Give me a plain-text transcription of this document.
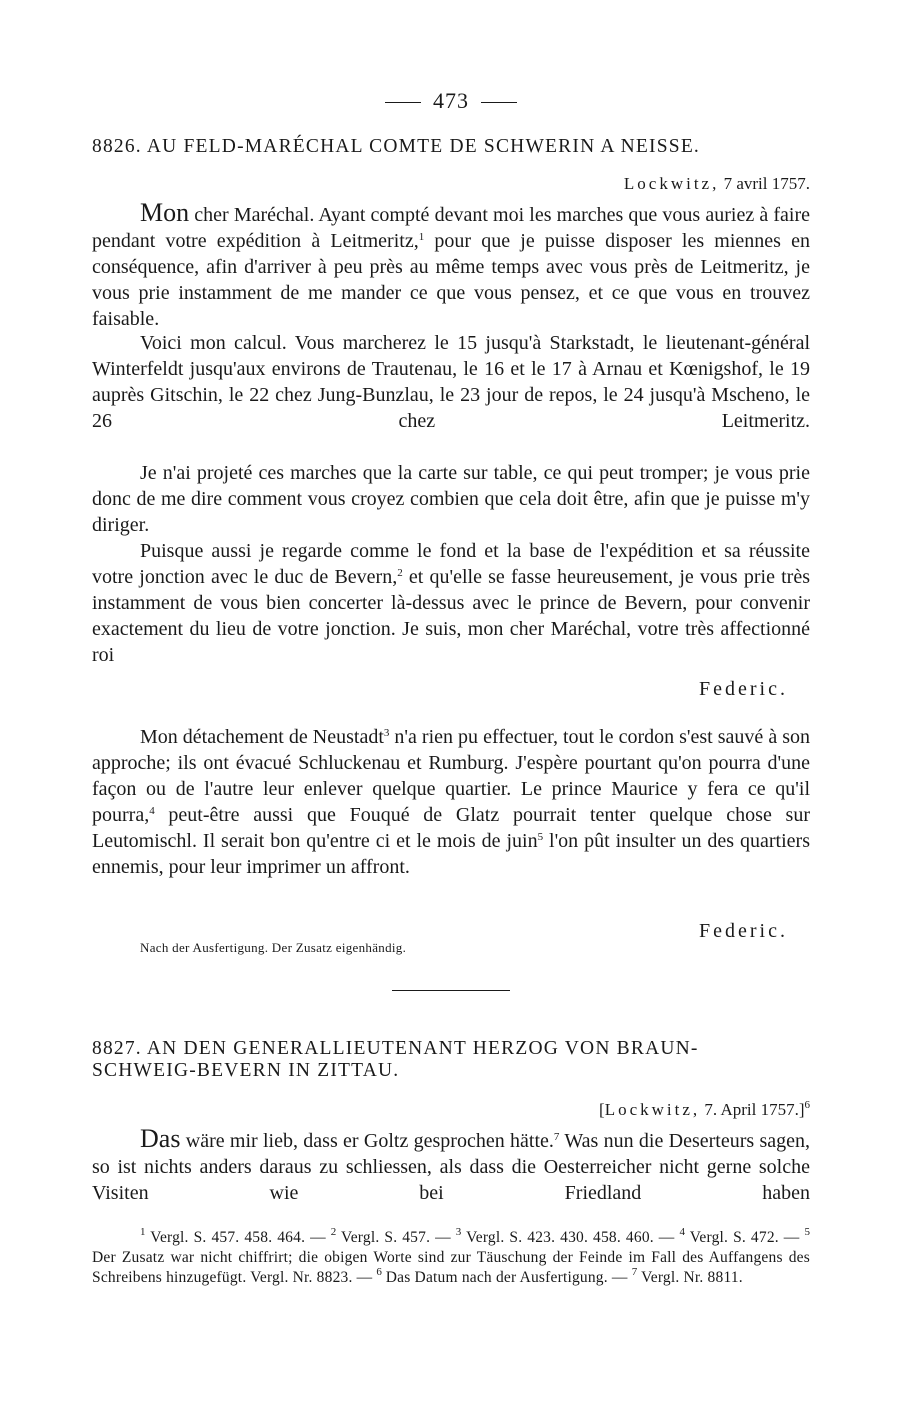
473
8826. AU FELD-MARÉCHAL COMTE DE SCHWERIN A NEISSE.
Lockwitz, 7 avril 1757.
Mon cher Maréchal. Ayant compté devant moi les marches que vous auriez à faire pendant votre expédition à Leitmeritz,$^1$ pour que je puisse disposer les miennes en conséquence, afin d'arriver à peu près au même temps avec vous près de Leitmeritz, je vous prie instamment de me mander ce que vous pensez, et ce que vous en trouvez faisable.
Voici mon calcul. Vous marcherez le 15 jusqu'à Starkstadt, le lieutenant-général Winterfeldt jusqu'aux environs de Trautenau, le 16 et le 17 à Arnau et Kœnigshof, le 19 auprès Gitschin, le 22 chez Jung-Bunzlau, le 23 jour de repos, le 24 jusqu'à Mscheno, le 26 chez Leitmeritz.
Je n'ai projeté ces marches que la carte sur table, ce qui peut tromper; je vous prie donc de me dire comment vous croyez combien que cela doit être, afin que je puisse m'y diriger.
Puisque aussi je regarde comme le fond et la base de l'expédition et sa réussite votre jonction avec le duc de Bevern,$^2$ et qu'elle se fasse heureusement, je vous prie très instamment de vous bien concerter là-dessus avec le prince de Bevern, pour convenir exactement du lieu de votre jonction. Je suis, mon cher Maréchal, votre très affectionné roi
Federic.
Mon détachement de Neustadt$^3$ n'a rien pu effectuer, tout le cordon s'est sauvé à son approche; ils ont évacué Schluckenau et Rumburg. J'espère pourtant qu'on pourra d'une façon ou de l'autre leur enlever quelque quartier. Le prince Maurice y fera ce qu'il pourra,$^4$ peut-être aussi que Fouqué de Glatz pourrait tenter quelque chose sur Leutomischl. Il serait bon qu'entre ci et le mois de juin$^5$ l'on pût insulter un des quartiers ennemis, pour leur imprimer un affront.
Federic.
Nach der Ausfertigung. Der Zusatz eigenhändig.
8827. AN DEN GENERALLIEUTENANT HERZOG VON BRAUN-
SCHWEIG-BEVERN IN ZITTAU.
[Lockwitz, 7. April 1757.]$^6$
Das wäre mir lieb, dass er Goltz gesprochen hätte.$^7$ Was nun die Deserteurs sagen, so ist nichts anders daraus zu schliessen, als dass die Oesterreicher nicht gerne solche Visiten wie bei Friedland haben
$^1$ Vergl. S. 457. 458. 464. — $^2$ Vergl. S. 457. — $^3$ Vergl. S. 423. 430. 458. 460. — $^4$ Vergl. S. 472. — $^5$ Der Zusatz war nicht chiffrirt; die obigen Worte sind zur Täuschung der Feinde im Fall des Auffangens des Schreibens hinzugefügt. Vergl. Nr. 8823. — $^6$ Das Datum nach der Ausfertigung. — $^7$ Vergl. Nr. 8811.
